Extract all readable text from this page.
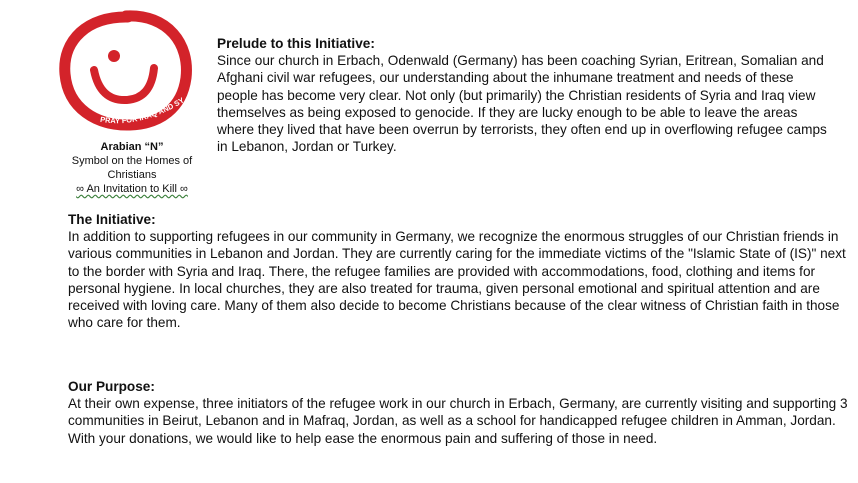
PRAY FOR IRAQ AND SY
Arabian “N”
Symbol on the Homes of Christians
∞ An Invitation to Kill ∞
Prelude to this Initiative:

Since our church in Erbach, Odenwald (Germany) has been coaching Syrian, Eritrean, Somalian and Afghani civil war refugees, our understanding about the inhumane treatment and needs of these people has become very clear. Not only (but primarily) the Christian residents of Syria and Iraq view themselves as being exposed to genocide. If they are lucky enough to be able to leave the areas where they lived that have been overrun by terrorists, they often end up in overflowing refugee camps in Lebanon, Jordan or Turkey.

The Initiative:

In addition to supporting refugees in our community in Germany, we recognize the enormous struggles of our Christian friends in various communities in Lebanon and Jordan. They are currently caring for the immediate victims of the "Islamic State of (IS)" next to the border with Syria and Iraq. There, the refugee families are provided with accommodations, food, clothing and items for personal hygiene. In local churches, they are also treated for trauma, given personal emotional and spiritual attention and are received with loving care. Many of them also decide to become Christians because of the clear witness of Christian faith in those who care for them.

Our Purpose:

At their own expense, three initiators of the refugee work in our church in Erbach, Germany, are currently visiting and supporting 3 communities in Beirut, Lebanon and in Mafraq, Jordan, as well as a school for handicapped refugee children in Amman, Jordan. With your donations, we would like to help ease the enormous pain and suffering of those in need.
